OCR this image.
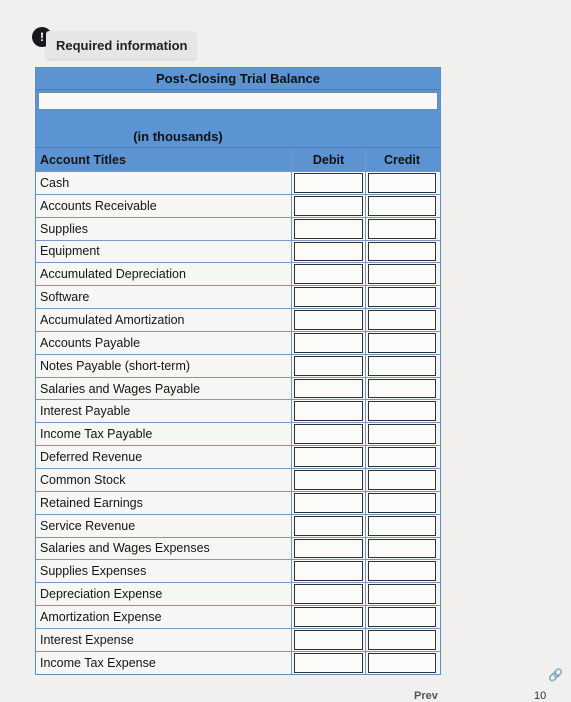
!
Required information
Post-Closing Trial Balance
(in thousands)
Account Titles	Debit	Credit
Cash
Accounts Receivable
Supplies
Equipment
Accumulated Depreciation
Software
Accumulated Amortization
Accounts Payable
Notes Payable (short-term)
Salaries and Wages Payable
Interest Payable
Income Tax Payable
Deferred Revenue
Common Stock
Retained Earnings
Service Revenue
Salaries and Wages Expenses
Supplies Expenses
Depreciation Expense
Amortization Expense
Interest Expense
Income Tax Expense
Prev
🔗
10
